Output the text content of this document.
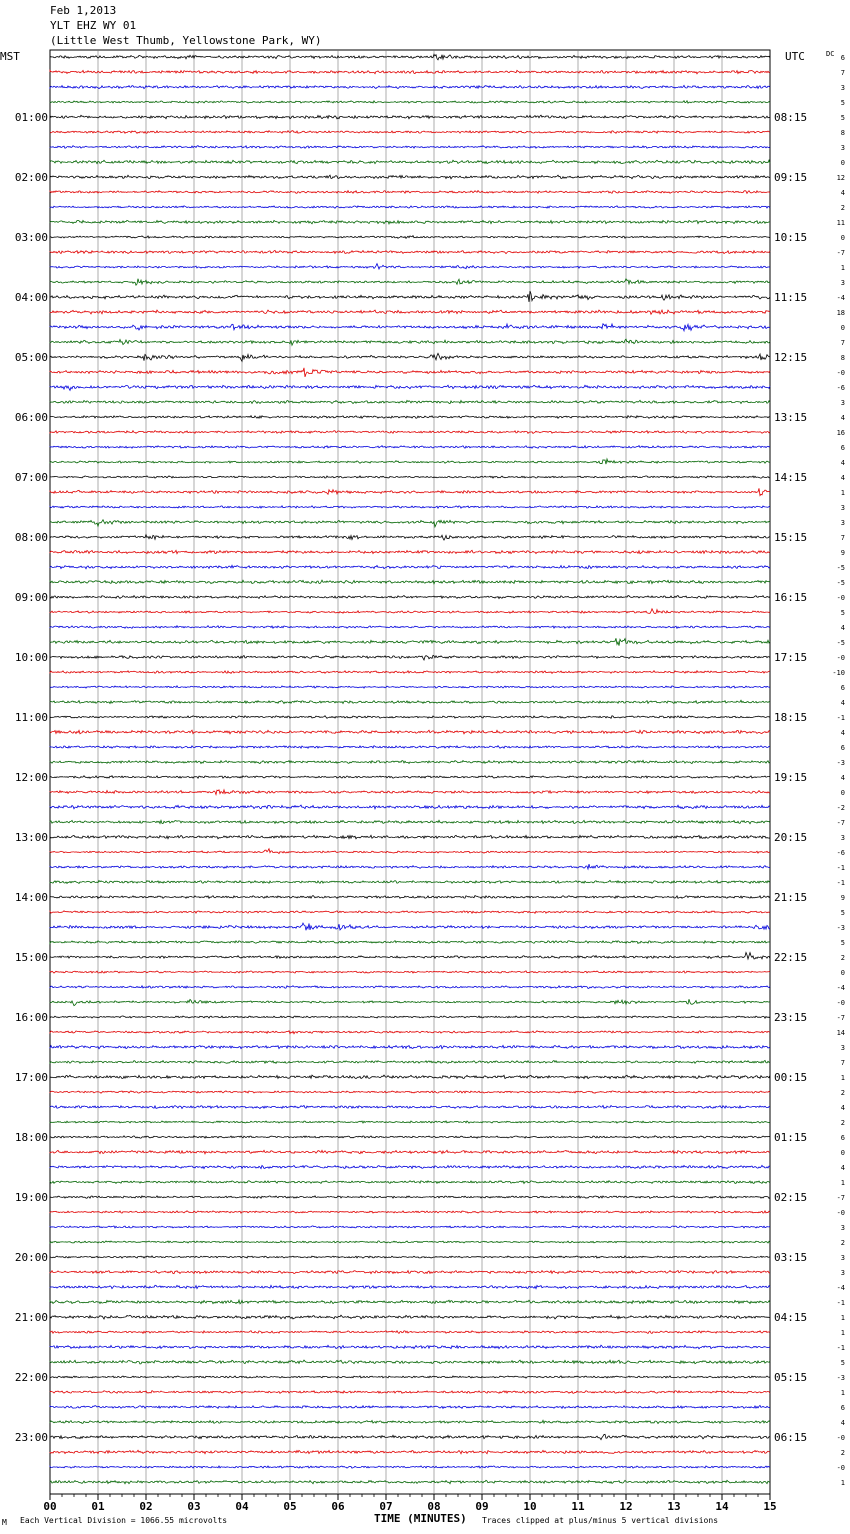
Feb 1,2013
YLT EHZ WY 01
(Little West Thumb, Yellowstone Park, WY)
MST	UTC	DC
01:00
02:00
03:00
04:00
05:00
06:00
07:00
08:00
09:00
10:00
11:00
12:00
13:00
14:00
15:00
16:00
17:00
18:00
19:00
20:00
21:00
22:00
23:00
08:15
09:15
10:15
11:15
12:15
13:15
14:15
15:15
16:15
17:15
18:15
19:15
20:15
21:15
22:15
23:15
00:15
01:15
02:15
03:15
04:15
05:15
06:15
6
7
3
5
5
8
3
0
12
4
2
11
0
-7
1
3
-4
18
0
7
8
-0
-6
3
4
16
6
4
4
1
3
3
7
9
-5
-5
-0
5
4
-5
-0
-10
6
4
-1
4
6
-3
4
0
-2
-7
3
-6
-1
-1
9
5
-3
5
2
0
-4
-0
-7
14
3
7
1
2
4
2
6
0
4
1
-7
-0
3
2
3
3
-4
-1
1
1
-1
5
-3
1
6
4
-0
2
-0
1
00	01	02	03	04	05	06	07	08	09	10	11	12	13	14	15
M Each Vertical Division = 1066.55 microvolts	TIME (MINUTES) Traces clipped at plus/minus 5 vertical divisions
